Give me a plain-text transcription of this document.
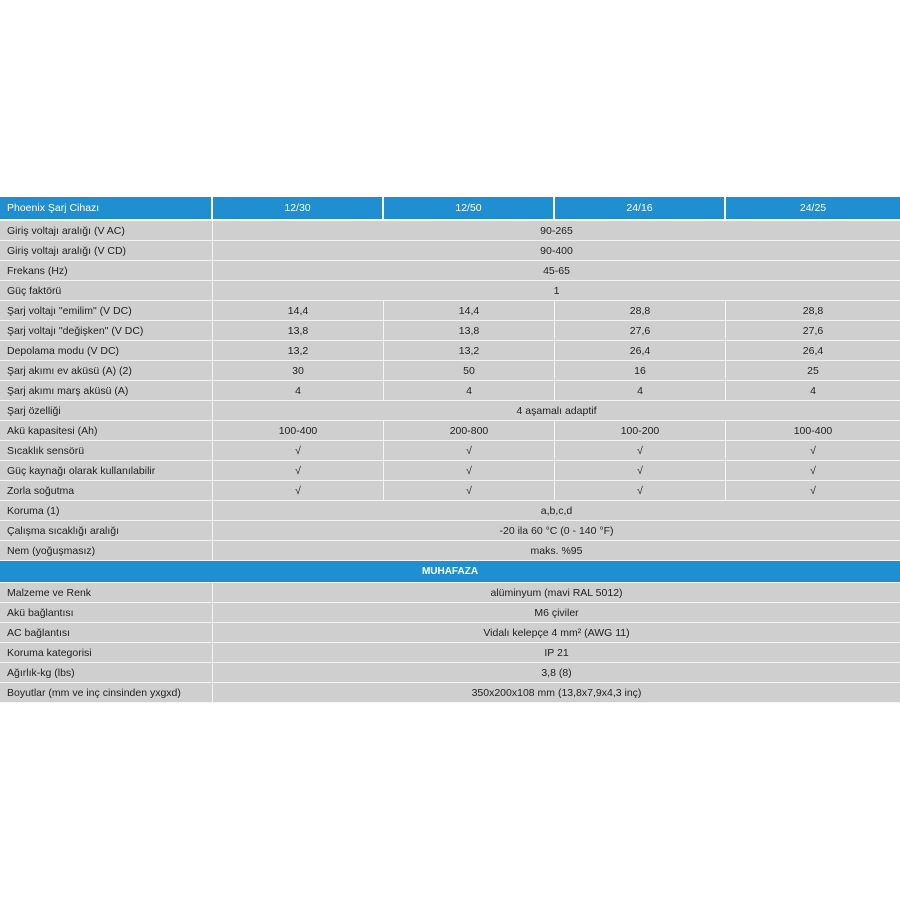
Phoenix Şarj Cihazı	12/30	12/50	24/16	24/25
Giriş voltajı aralığı (V AC)	90-265			
Giriş voltajı aralığı (V CD)	90-400			
Frekans (Hz)	45-65			
Güç faktörü	1			
Şarj voltajı "emilim" (V DC)	14,4	14,4	28,8	28,8
Şarj voltajı "değişken" (V DC)	13,8	13,8	27,6	27,6
Depolama modu (V DC)	13,2	13,2	26,4	26,4
Şarj akımı ev aküsü (A) (2)	30	50	16	25
Şarj akımı marş aküsü (A)	4	4	4	4
Şarj özelliği	4 aşamalı adaptif			
Akü kapasitesi (Ah)	100-400	200-800	100-200	100-400
Sıcaklık sensörü	√	√	√	√
Güç kaynağı olarak kullanılabilir	√	√	√	√
Zorla soğutma	√	√	√	√
Koruma (1)	a,b,c,d			
Çalışma sıcaklığı aralığı	-20 ila 60 °C (0 - 140 °F)			
Nem (yoğuşmasız)	maks. %95			
MUHAFAZA				
Malzeme ve Renk	alüminyum (mavi RAL 5012)			
Akü bağlantısı	M6 çiviler			
AC bağlantısı	Vidalı kelepçe 4 mm² (AWG 11)			
Koruma kategorisi	IP 21			
Ağırlık-kg (lbs)	3,8 (8)			
Boyutlar (mm ve inç cinsinden yxgxd)	350x200x108 mm (13,8x7,9x4,3 inç)			
